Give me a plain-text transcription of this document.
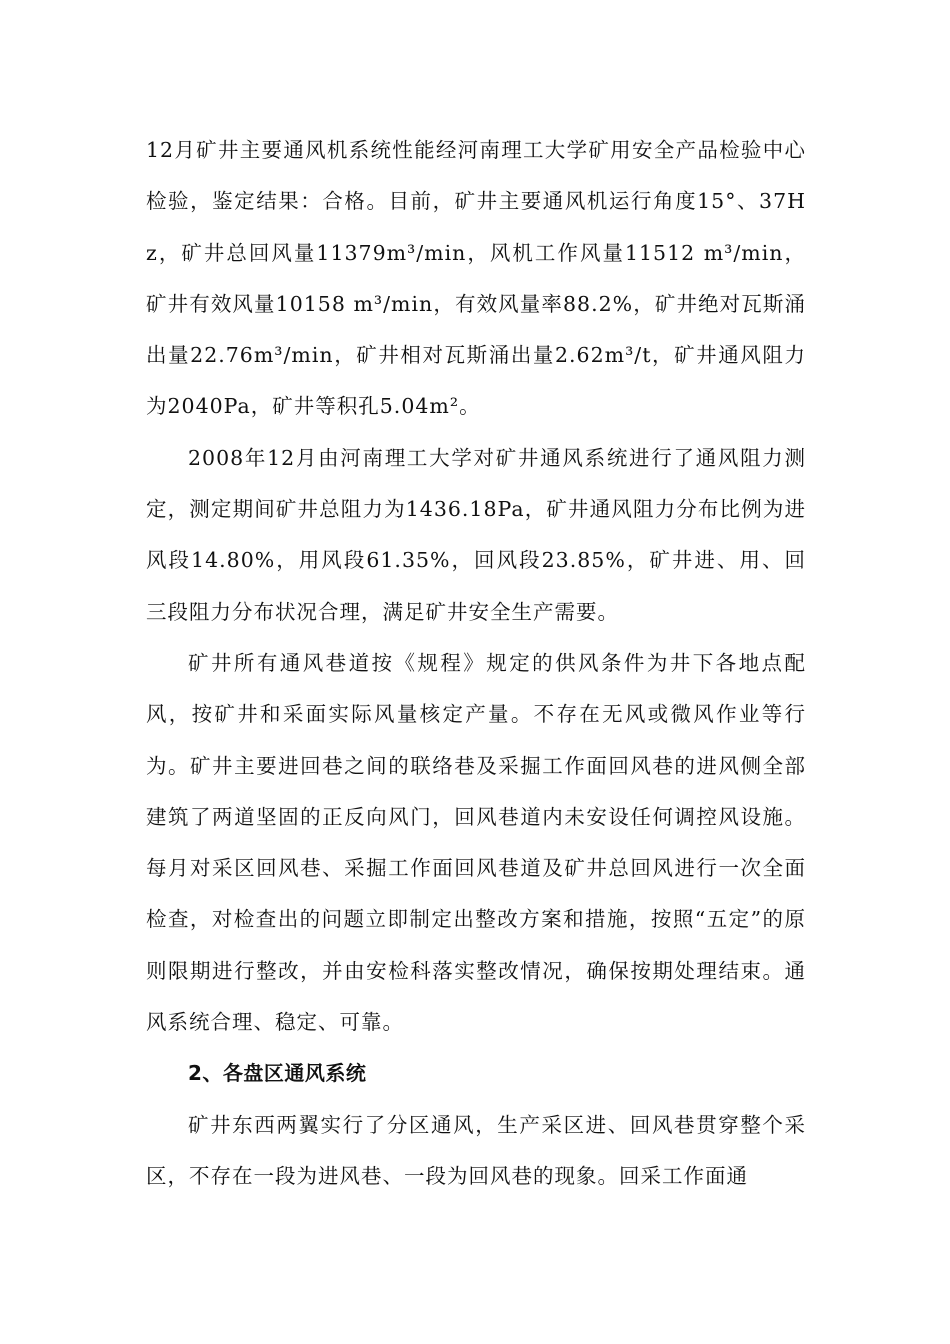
12月矿井主要通风机系统性能经河南理工大学矿用安全产品检验中心检验，鉴定结果：合格。目前，矿井主要通风机运行角度15°、37Hz，矿井总回风量11379m³/min，风机工作风量11512 m³/min，矿井有效风量10158 m³/min，有效风量率88.2%，矿井绝对瓦斯涌出量22.76m³/min，矿井相对瓦斯涌出量2.62m³/t，矿井通风阻力为2040Pa，矿井等积孔5.04m²。

2008年12月由河南理工大学对矿井通风系统进行了通风阻力测定，测定期间矿井总阻力为1436.18Pa，矿井通风阻力分布比例为进风段14.80%，用风段61.35%，回风段23.85%，矿井进、用、回三段阻力分布状况合理，满足矿井安全生产需要。

矿井所有通风巷道按《规程》规定的供风条件为井下各地点配风，按矿井和采面实际风量核定产量。不存在无风或微风作业等行为。矿井主要进回巷之间的联络巷及采掘工作面回风巷的进风侧全部建筑了两道坚固的正反向风门，回风巷道内未安设任何调控风设施。每月对采区回风巷、采掘工作面回风巷道及矿井总回风进行一次全面检查，对检查出的问题立即制定出整改方案和措施，按照“五定”的原则限期进行整改，并由安检科落实整改情况，确保按期处理结束。通风系统合理、稳定、可靠。

2、各盘区通风系统

矿井东西两翼实行了分区通风，生产采区进、回风巷贯穿整个采区，不存在一段为进风巷、一段为回风巷的现象。回采工作面通
